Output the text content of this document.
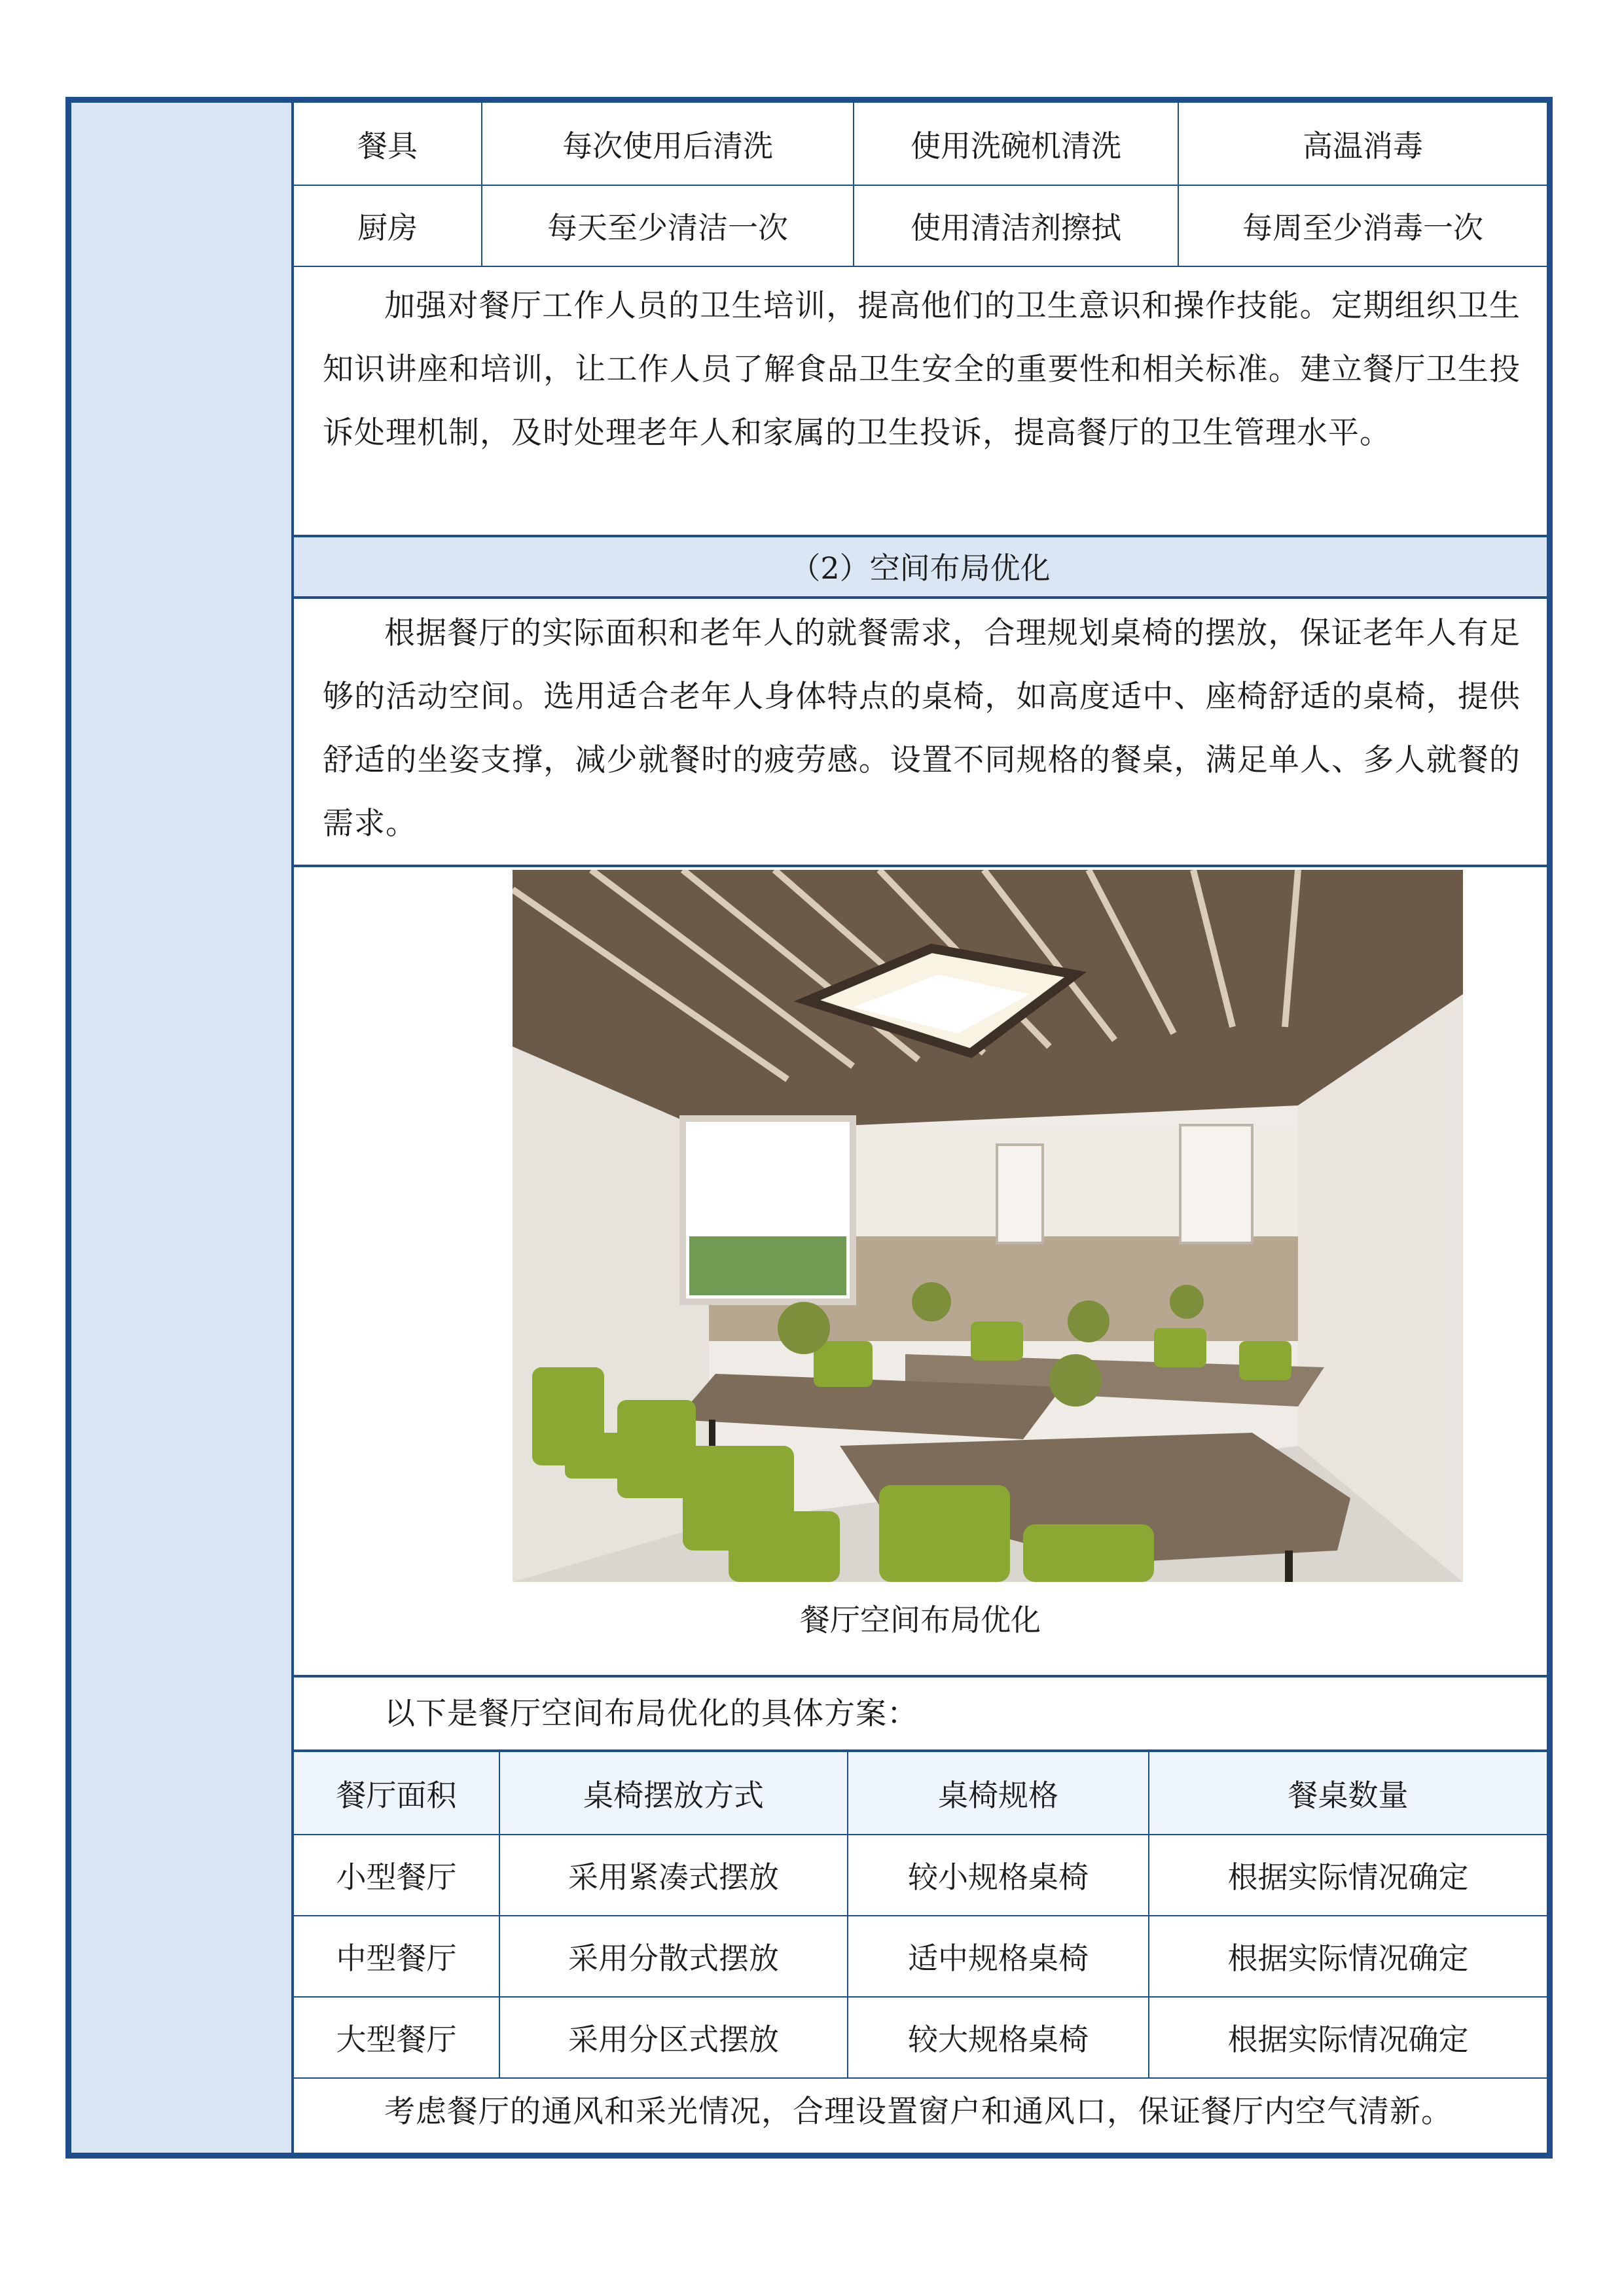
餐具	每次使用后清洗	使用洗碗机清洗	高温消毒
厨房	每天至少清洁一次	使用清洁剂擦拭	每周至少消毒一次
加强对餐厅工作人员的卫生培训，提高他们的卫生意识和操作技能。定期组织卫生知识讲座和培训，让工作人员了解食品卫生安全的重要性和相关标准。建立餐厅卫生投诉处理机制，及时处理老年人和家属的卫生投诉，提高餐厅的卫生管理水平。
（2）空间布局优化
根据餐厅的实际面积和老年人的就餐需求，合理规划桌椅的摆放，保证老年人有足够的活动空间。选用适合老年人身体特点的桌椅，如高度适中、座椅舒适的桌椅，提供舒适的坐姿支撑，减少就餐时的疲劳感。设置不同规格的餐桌，满足单人、多人就餐的需求。
餐厅空间布局优化
以下是餐厅空间布局优化的具体方案：
餐厅面积	桌椅摆放方式	桌椅规格	餐桌数量
小型餐厅	采用紧凑式摆放	较小规格桌椅	根据实际情况确定
中型餐厅	采用分散式摆放	适中规格桌椅	根据实际情况确定
大型餐厅	采用分区式摆放	较大规格桌椅	根据实际情况确定
考虑餐厅的通风和采光情况，合理设置窗户和通风口，保证餐厅内空气清新。
